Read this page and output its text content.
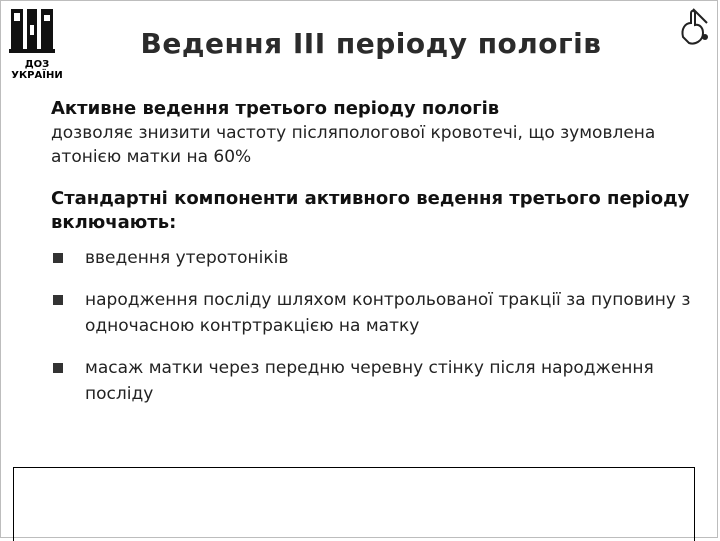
ДОЗ УКРАЇНИ
Ведення ІІІ періоду пологів
Активне ведення третього періоду пологів
дозволяє знизити частоту післяпологової кровотечі, що зумовлена атонією матки на 60%
Стандартні компоненти активного ведення третього періоду включають:
введення утеротоніків
народження посліду шляхом контрольованої тракції за пуповину з одночасною контртракцією на матку
масаж матки через передню черевну стінку після народження посліду
